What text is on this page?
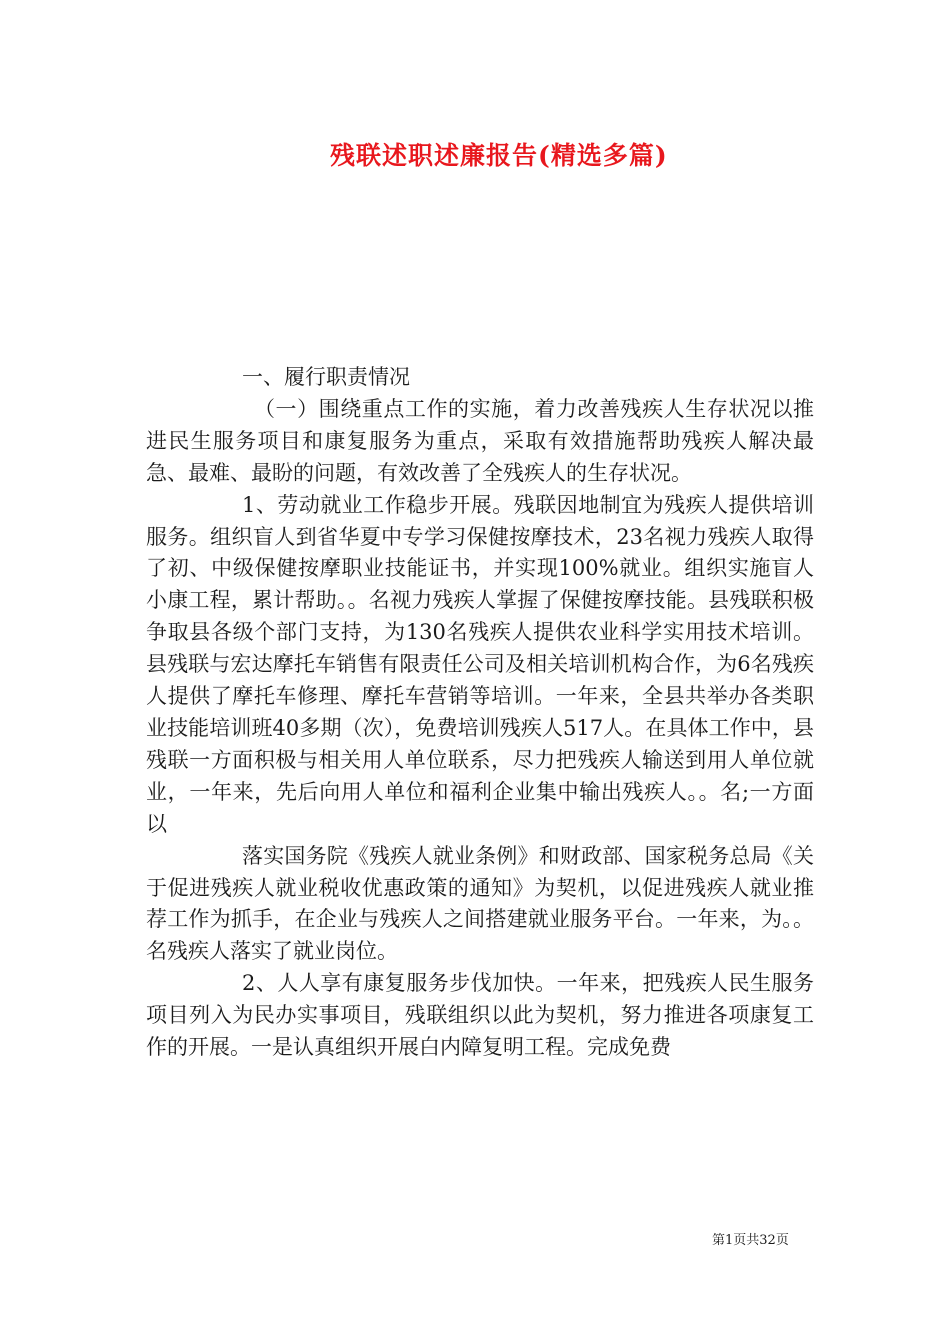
残联述职述廉报告(精选多篇)

一、履行职责情况

（一）围绕重点工作的实施，着力改善残疾人生存状况以推进民生服务项目和康复服务为重点，采取有效措施帮助残疾人解决最急、最难、最盼的问题，有效改善了全残疾人的生存状况。

1、劳动就业工作稳步开展。残联因地制宜为残疾人提供培训服务。组织盲人到省华夏中专学习保健按摩技术，23名视力残疾人取得了初、中级保健按摩职业技能证书，并实现100%就业。组织实施盲人小康工程，累计帮助。。名视力残疾人掌握了保健按摩技能。县残联积极争取县各级个部门支持，为130名残疾人提供农业科学实用技术培训。县残联与宏达摩托车销售有限责任公司及相关培训机构合作，为6名残疾人提供了摩托车修理、摩托车营销等培训。一年来，全县共举办各类职业技能培训班40多期（次），免费培训残疾人517人。在具体工作中，县残联一方面积极与相关用人单位联系，尽力把残疾人输送到用人单位就业，一年来，先后向用人单位和福利企业集中输出残疾人。。名;一方面以

落实国务院《残疾人就业条例》和财政部、国家税务总局《关于促进残疾人就业税收优惠政策的通知》为契机，以促进残疾人就业推荐工作为抓手，在企业与残疾人之间搭建就业服务平台。一年来，为。。名残疾人落实了就业岗位。

2、人人享有康复服务步伐加快。一年来，把残疾人民生服务项目列入为民办实事项目，残联组织以此为契机，努力推进各项康复工作的开展。一是认真组织开展白内障复明工程。完成免费

第1页共32页
